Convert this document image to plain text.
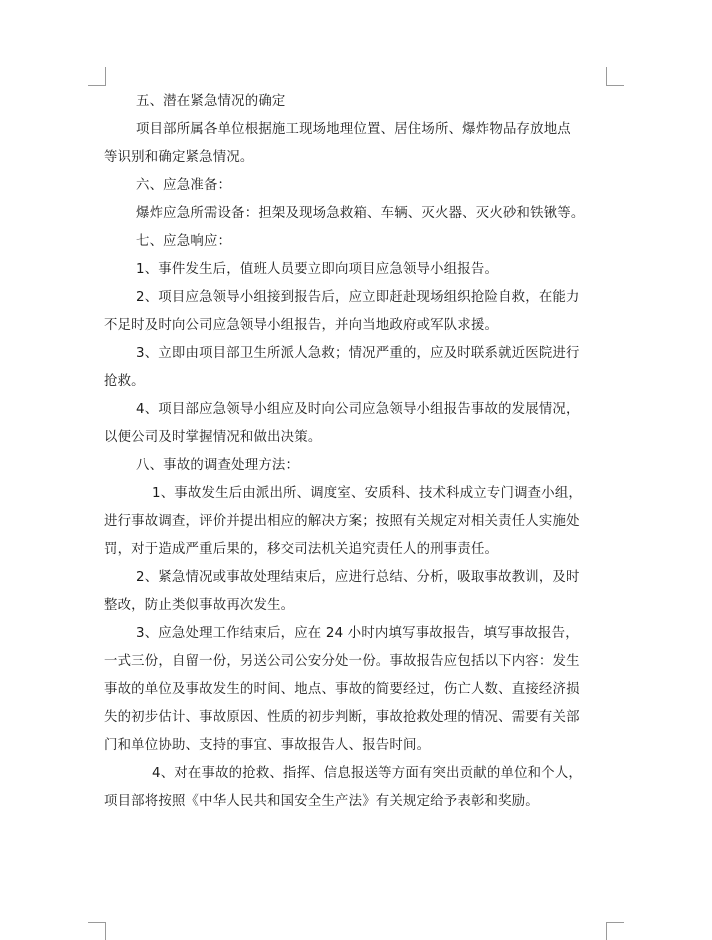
五、潜在紧急情况的确定
项目部所属各单位根据施工现场地理位置、居住场所、爆炸物品存放地点
等识别和确定紧急情况。
六、应急准备：
爆炸应急所需设备：担架及现场急救箱、车辆、灭火器、灭火砂和铁锹等。
七、应急响应：
1、事件发生后，值班人员要立即向项目应急领导小组报告。
2、项目应急领导小组接到报告后，应立即赶赴现场组织抢险自救，在能力
不足时及时向公司应急领导小组报告，并向当地政府或军队求援。
3、立即由项目部卫生所派人急救；情况严重的，应及时联系就近医院进行
抢救。
4、项目部应急领导小组应及时向公司应急领导小组报告事故的发展情况，
以便公司及时掌握情况和做出决策。
八、事故的调查处理方法：
1、事故发生后由派出所、调度室、安质科、技术科成立专门调查小组，
进行事故调查，评价并提出相应的解决方案；按照有关规定对相关责任人实施处
罚，对于造成严重后果的，移交司法机关追究责任人的刑事责任。
2、紧急情况或事故处理结束后，应进行总结、分析，吸取事故教训，及时
整改，防止类似事故再次发生。
3、应急处理工作结束后，应在 24 小时内填写事故报告，填写事故报告，
一式三份，自留一份，另送公司公安分处一份。事故报告应包括以下内容：发生
事故的单位及事故发生的时间、地点、事故的简要经过，伤亡人数、直接经济损
失的初步估计、事故原因、性质的初步判断，事故抢救处理的情况、需要有关部
门和单位协助、支持的事宜、事故报告人、报告时间。
4、对在事故的抢救、指挥、信息报送等方面有突出贡献的单位和个人，
项目部将按照《中华人民共和国安全生产法》有关规定给予表彰和奖励。
